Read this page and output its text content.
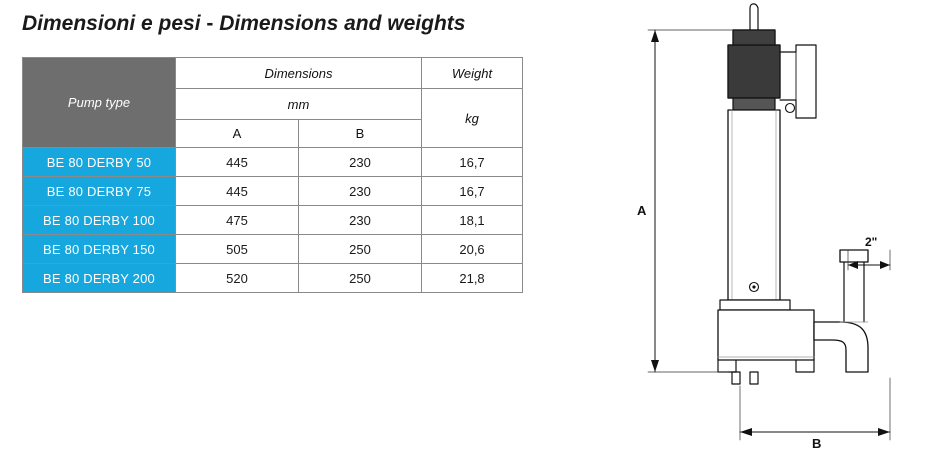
Dimensioni e pesi - Dimensions and weights
Pump type	Dimensions		Weight
	mm		kg
	A	B	
BE 80 DERBY 50	445	230	16,7
BE 80 DERBY 75	445	230	16,7
BE 80 DERBY 100	475	230	18,1
BE 80 DERBY 150	505	250	20,6
BE 80 DERBY 200	520	250	21,8
A
B
2"
